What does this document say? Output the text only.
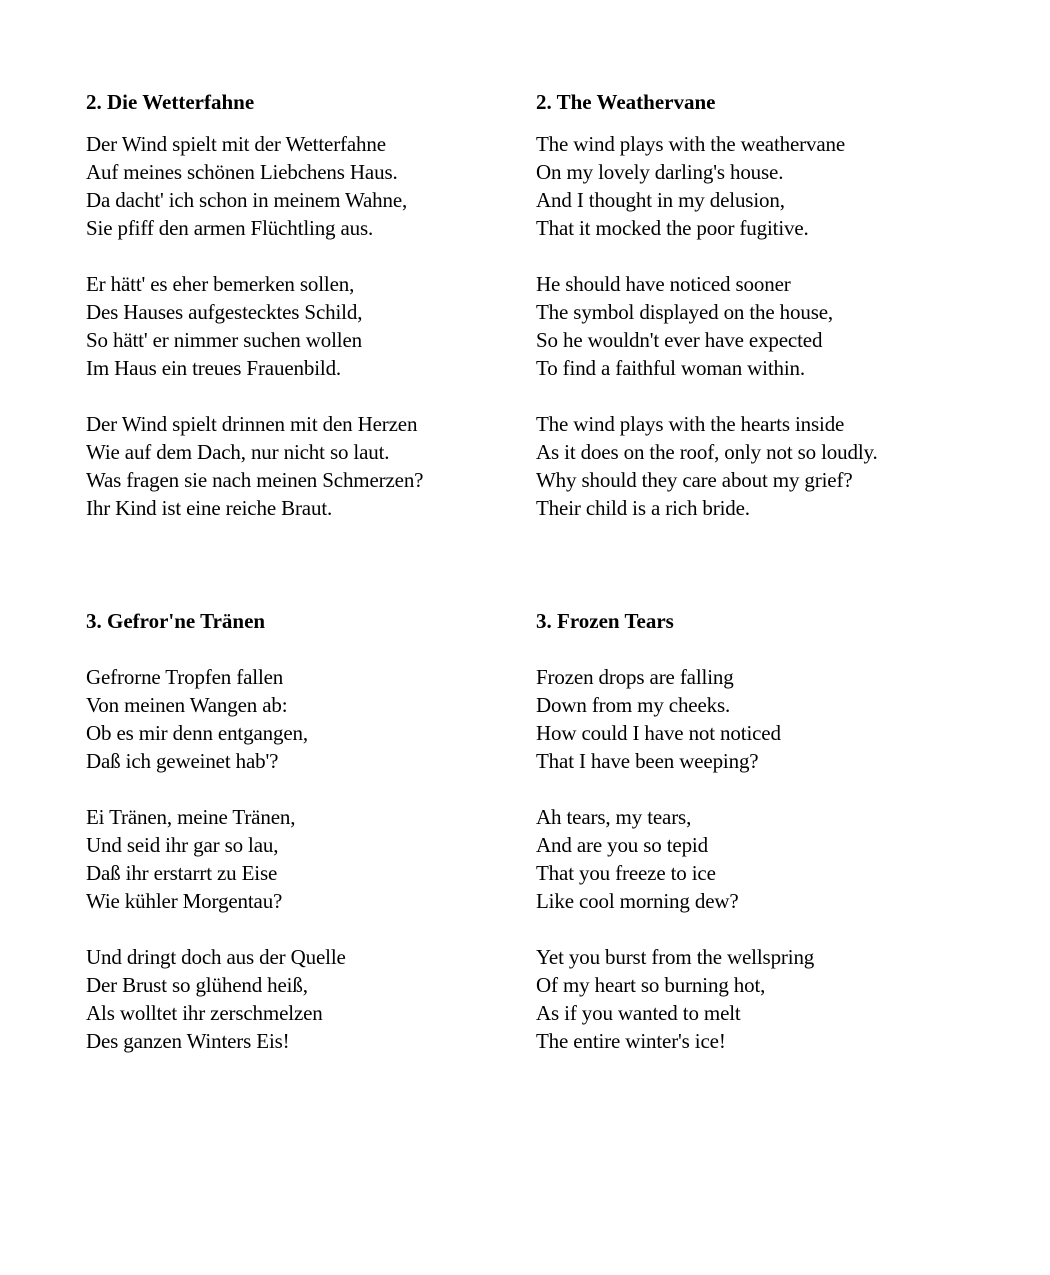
2. Die Wetterfahne

Der Wind spielt mit der Wetterfahne
Auf meines schönen Liebchens Haus.
Da dacht' ich schon in meinem Wahne,
Sie pfiff den armen Flüchtling aus.

Er hätt' es eher bemerken sollen,
Des Hauses aufgestecktes Schild,
So hätt' er nimmer suchen wollen
Im Haus ein treues Frauenbild.

Der Wind spielt drinnen mit den Herzen
Wie auf dem Dach, nur nicht so laut.
Was fragen sie nach meinen Schmerzen?
Ihr Kind ist eine reiche Braut.

2. The Weathervane

The wind plays with the weathervane
On my lovely darling's house.
And I thought in my delusion,
That it mocked the poor fugitive.

He should have noticed sooner
The symbol displayed on the house,
So he wouldn't ever have expected
To find a faithful woman within.

The wind plays with the hearts inside
As it does on the roof, only not so loudly.
Why should they care about my grief?
Their child is a rich bride.

3. Gefror'ne Tränen

Gefrorne Tropfen fallen
Von meinen Wangen ab:
Ob es mir denn entgangen,
Daß ich geweinet hab'?

Ei Tränen, meine Tränen,
Und seid ihr gar so lau,
Daß ihr erstarrt zu Eise
Wie kühler Morgentau?

Und dringt doch aus der Quelle
Der Brust so glühend heiß,
Als wolltet ihr zerschmelzen
Des ganzen Winters Eis!

3. Frozen Tears

Frozen drops are falling
Down from my cheeks.
How could I have not noticed
That I have been weeping?

Ah tears, my tears,
And are you so tepid
That you freeze to ice
Like cool morning dew?

Yet you burst from the wellspring
Of my heart so burning hot,
As if you wanted to melt
The entire winter's ice!
